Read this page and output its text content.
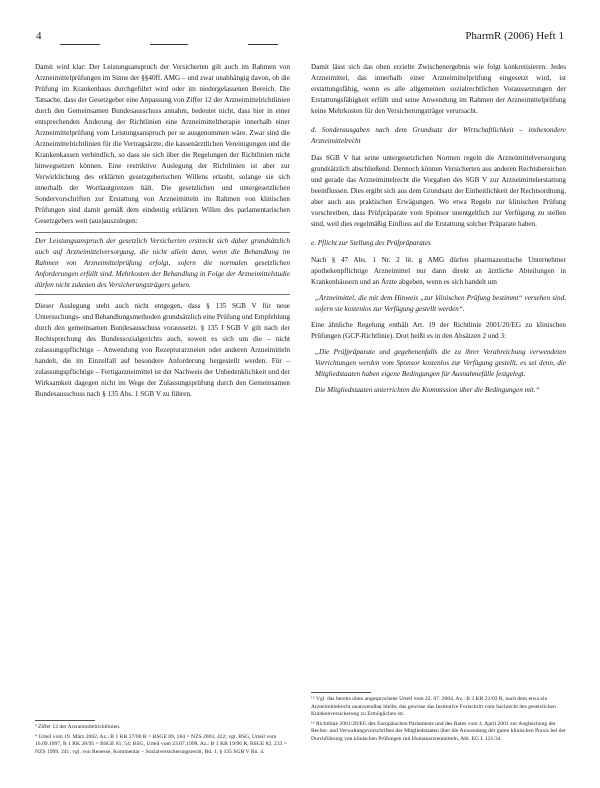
4	PharmR (2006) Heft 1

Damit wird klar: Der Leistungsanspruch der Versicherten gilt auch im Rahmen von Arzneimittelprüfungen im Sinne der §§40ff. AMG – und zwar unabhängig davon, ob die Prüfung im Krankenhaus durchgeführt wird oder im niedergelassenen Bereich. Die Tatsache, dass der Gesetzgeber eine Anpassung von Ziffer 12 der Arzneimittelrichtlinien durch den Gemeinsamen Bundesausschuss annahm, bedeutet nicht, dass hier in einer entsprechenden Änderung der Richtlinien eine Arzneimitteltherapie innerhalb einer Arzneimittelprüfung vom Leistungsanspruch per se ausgenommen wäre. Zwar sind die Arzneimittelrichtlinien für die Vertragsärzte, die kassenärztlichen Vereinigungen und die Krankenkassen verbindlich, so dass sie sich über die Regelungen der Richtlinien nicht hinwegsetzen können. Eine restriktive Auslegung der Richtlinien ist aber zur Verwirklichung des erklärten gesetzgeberischen Willens erlaubt, solange sie sich innerhalb der Wortlautgrenzen hält. Die gesetzlichen und untergesetzlichen Sondervorschriften zur Erstattung von Arzneimitteln im Rahmen von klinischen Prüfungen sind damit gemäß dem eindeutig erklärten Willen des parlamentarischen Gesetzgebers weit (aus)auszulegen:

Der Leistungsanspruch der gesetzlich Versicherten erstreckt sich daher grundsätzlich auch auf Arzneimittelversorgung, die nicht allein dann, wenn die Behandlung im Rahmen von Arzneimittelprüfung erfolgt, sofern die normalen gesetzlichen Anforderungen erfüllt sind. Mehrkosten der Behandlung in Folge der Arzneimittelstudie dürfen nicht zulasten des Versicherungsträgers gehen.

Dieser Auslegung steht auch nicht entgegen, dass § 135 SGB V für neue Untersuchungs- und Behandlungsmethoden grundsätzlich eine Prüfung und Empfehlung durch den gemeinsamen Bundesausschuss voraussetzt. § 135 I SGB V gilt nach der Rechtsprechung des Bundessozialgerichts auch, soweit es sich um die – nicht zulassungspflichtige – Anwendung von Rezepturarzneien oder anderen Arzneimitteln handelt, die im Einzelfall auf besondere Anforderung hergestellt werden. Für – zulassungspflichtige – Fertigarzneimittel ist der Nachweis der Unbedenklichkeit und der Wirksamkeit dagegen nicht im Wege der Zulassungsprüfung durch den Gemeinsamen Bundesausschuss nach § 135 Abs. 1 SGB V zu führen.

³ Ziffer 12 der Arzneimittelrichtlinien.

⁴ Urteil vom 19. März 2002, Az.: B 1 KR 37/00 R = BSGE 89, 184 = NZS 2003, 422; vgl. BSG, Urteil vom 16.09.1997, B 1 RK 28/95 = BSGE 81, 54; BSG, Urteil vom 23.07.1998, Az.: B 1 KR 19/96 R, BSGE 82, 233 = NZS 1999, 241; vgl. von Renesse, Kommentar – Sozialversicherungsrecht, Bd. 1, § 135 SGB V Rn. 4.

Damit lässt sich das oben erzielte Zwischenergebnis wie folgt konkretisieren: Jedes Arzneimittel, das innerhalb einer Arzneimittelprüfung eingesetzt wird, ist erstattungsfähig, wenn es alle allgemeinen sozialrechtlichen Voraussetzungen der Erstattungsfähigkeit erfüllt und seine Anwendung im Rahmen der Arzneimittelprüfung keine Mehrkosten für den Versicherungsträger verursacht.

d. Sonderausgaben nach dem Grundsatz der Wirtschaftlichkeit – insbesondere Arzneimittelrecht

Das SGB V hat seine untergesetzlichen Normen regeln die Arzneimittelversorgung grundsätzlich abschließend. Dennoch können Versicherten aus anderen Rechtsbereichen und gerade das Arzneimittelrecht die Vorgaben des SGB V zur Arzneimittelerstattung beeinflussen. Dies ergibt sich aus dem Grundsatz der Einheitlichkeit der Rechtsordnung, aber auch aus praktischen Erwägungen. Wo etwa Regeln zur klinischen Prüfung vorschreiben, dass Prüfpräparate vom Sponsor unentgeltlich zur Verfügung zu stellen sind, weil dies regelmäßig Einfluss auf die Erstattung solcher Präparate haben.

e. Pflicht zur Stellung des Prüfpräparates

Nach § 47 Abs. 1 Nr. 2 lit. g AMG dürfen pharmazeutische Unternehmer apothekenpflichtige Arzneimittel nur dann direkt an ärztliche Abteilungen in Krankenhäusern und an Ärzte abgeben, wenn es sich handelt um

„Arzneimittel, die mit dem Hinweis „zur klinischen Prüfung bestimmt“ versehen sind, sofern sie kostenlos zur Verfügung gestellt werden“.

Eine ähnliche Regelung enthält Art. 19 der Richtlinie 2001/20/EG zu klinischen Prüfungen (GCP-Richtlinie). Dort heißt es in den Absätzen 2 und 3:

„Die Prüfpräparate und gegebenenfalls die zu ihrer Verabreichung verwendeten Vorrichtungen werden vom Sponsor kostenlos zur Verfügung gestellt, es sei denn, die Mitgliedstaaten haben eigene Bedingungen für Ausnahmefälle festgelegt.

Die Mitgliedstaaten unterrichten die Kommission über die Bedingungen mit.“

¹⁵ Vgl. das bereits oben angesprochene Urteil vom 22. 07. 2004, Az.: B 3 KR 21/03 R, nach dem etwa ein Arzneimittelrecht unanwendbar bleibt, das gewisse das Institutive Fortschritt vom Sachrecht des gesetzlichen Krankenversicherung zu Ermöglichen ist.

¹⁶ Richtlinie 2001/20/EG des Europäischen Parlaments und des Rates vom 4. April 2001 zur Angleichung der Rechts- und Verwaltungsvorschriften der Mitgliedstaaten über die Anwendung der guten klinischen Praxis bei der Durchführung von klinischen Prüfungen mit Humanarzneimitteln, Abl. EG L 121/34.
